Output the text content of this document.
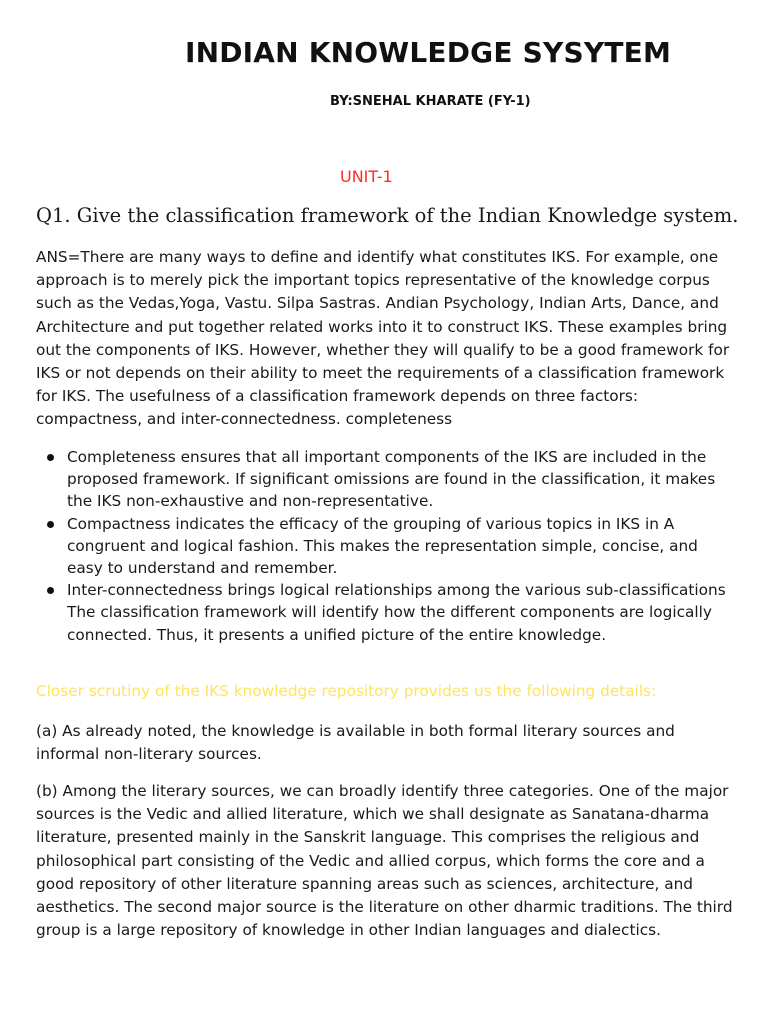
INDIAN KNOWLEDGE SYSYTEM

BY:SNEHAL KHARATE (FY-1)

UNIT-1

Q1. Give the classification framework of the Indian Knowledge system.

ANS=There are many ways to define and identify what constitutes IKS. For example, one approach is to merely pick the important topics representative of the knowledge corpus such as the Vedas,Yoga, Vastu. Silpa Sastras. Andian Psychology, Indian Arts, Dance, and Architecture and put together related works into it to construct IKS. These examples bring out the components of IKS. However, whether they will qualify to be a good framework for IKS or not depends on their ability to meet the requirements of a classification framework for IKS. The usefulness of a classification framework depends on three factors: compactness, and inter-connectedness. completeness

Completeness ensures that all important components of the IKS are included in the proposed framework. If significant omissions are found in the classification, it makes the IKS non-exhaustive and non-representative.
Compactness indicates the efficacy of the grouping of various topics in IKS in A congruent and logical fashion. This makes the representation simple, concise, and easy to understand and remember.
Inter-connectedness brings logical relationships among the various sub-classifications The classification framework will identify how the different components are logically connected. Thus, it presents a unified picture of the entire knowledge.

Closer scrutiny of the IKS knowledge repository provides us the following details:

(a) As already noted, the knowledge is available in both formal literary sources and informal non-literary sources.

(b) Among the literary sources, we can broadly identify three categories. One of the major sources is the Vedic and allied literature, which we shall designate as Sanatana-dharma literature, presented mainly in the Sanskrit language. This comprises the religious and philosophical part consisting of the Vedic and allied corpus, which forms the core and a good repository of other literature spanning areas such as sciences, architecture, and aesthetics. The second major source is the literature on other dharmic traditions. The third group is a large repository of knowledge in other Indian languages and dialectics.
